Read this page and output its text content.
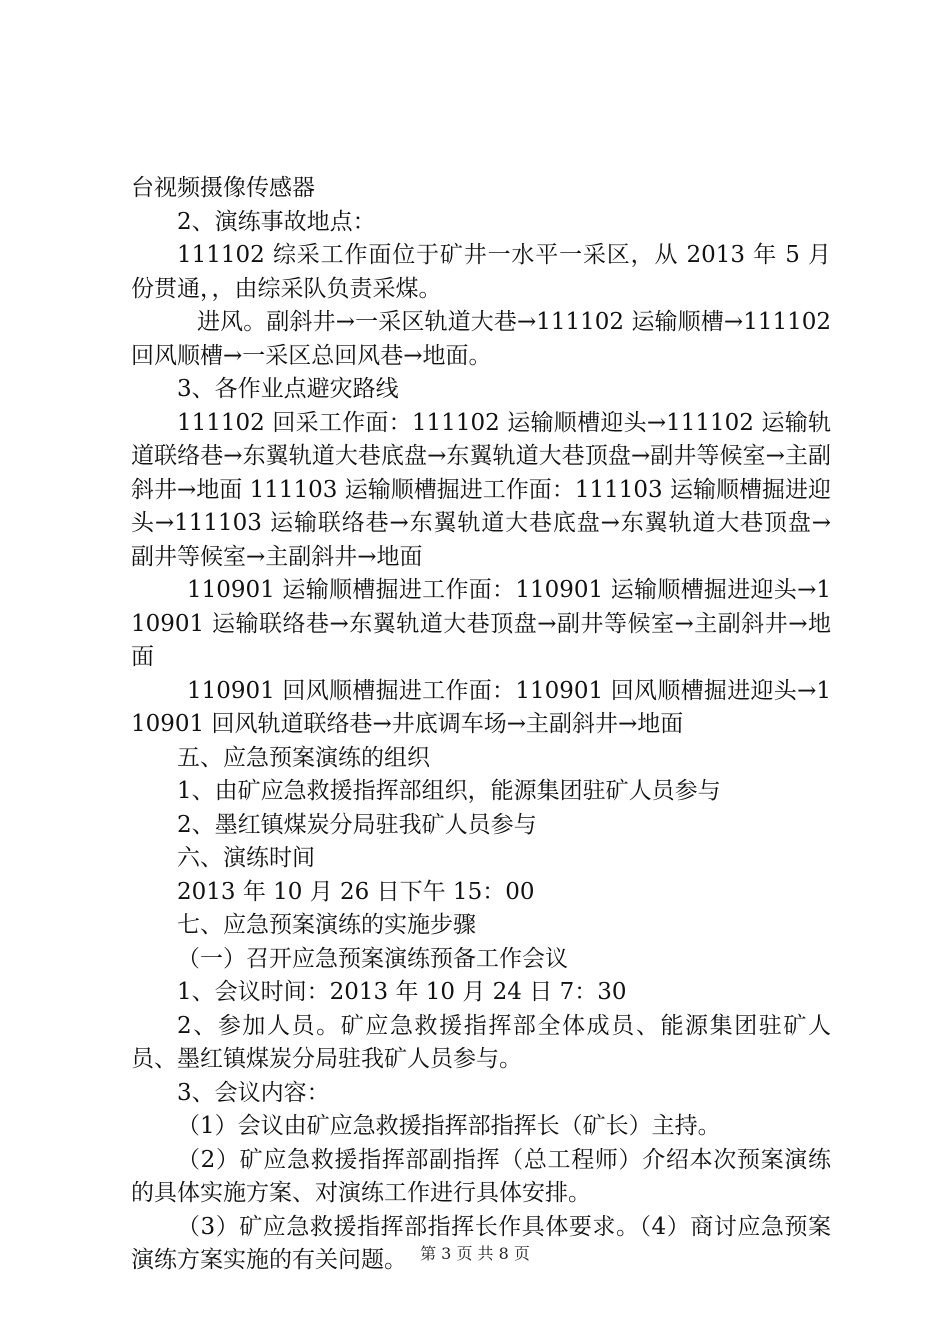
台视频摄像传感器

2、演练事故地点：

111102 综采工作面位于矿井一水平一采区，从 2013 年 5 月份贯通，，由综采队负责采煤。

进风。副斜井→一采区轨道大巷→111102 运输顺槽→111102 回风顺槽→一采区总回风巷→地面。

3、各作业点避灾路线

111102 回采工作面：111102 运输顺槽迎头→111102 运输轨道联络巷→东翼轨道大巷底盘→东翼轨道大巷顶盘→副井等候室→主副斜井→地面 111103 运输顺槽掘进工作面：111103 运输顺槽掘进迎头→111103 运输联络巷→东翼轨道大巷底盘→东翼轨道大巷顶盘→副井等候室→主副斜井→地面

110901 运输顺槽掘进工作面：110901 运输顺槽掘进迎头→110901 运输联络巷→东翼轨道大巷顶盘→副井等候室→主副斜井→地面

110901 回风顺槽掘进工作面：110901 回风顺槽掘进迎头→110901 回风轨道联络巷→井底调车场→主副斜井→地面

五、应急预案演练的组织

1、由矿应急救援指挥部组织，能源集团驻矿人员参与

2、墨红镇煤炭分局驻我矿人员参与

六、演练时间

2013 年 10 月 26 日下午 15：00

七、应急预案演练的实施步骤

（一）召开应急预案演练预备工作会议

1、会议时间：2013 年 10 月 24 日 7：30

2、参加人员。矿应急救援指挥部全体成员、能源集团驻矿人员、墨红镇煤炭分局驻我矿人员参与。

3、会议内容：

（1）会议由矿应急救援指挥部指挥长（矿长）主持。

（2）矿应急救援指挥部副指挥（总工程师）介绍本次预案演练的具体实施方案、对演练工作进行具体安排。

（3）矿应急救援指挥部指挥长作具体要求。（4）商讨应急预案演练方案实施的有关问题。 第 3 页 共 8 页
